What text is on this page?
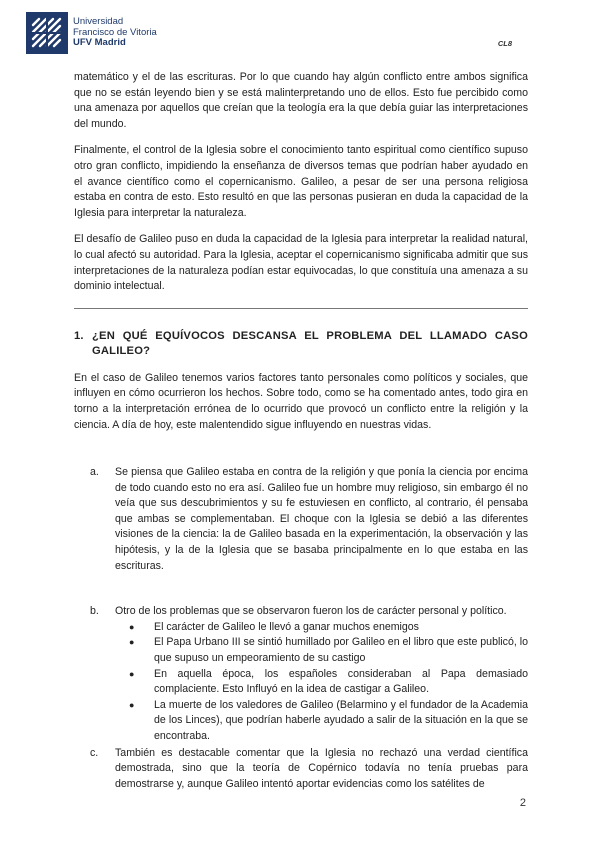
Universidad
Francisco de Vitoria
UFV Madrid	CL8

matemático y el de las escrituras. Por lo que cuando hay algún conflicto entre ambos significa que no se están leyendo bien y se está malinterpretando uno de ellos. Esto fue percibido como una amenaza por aquellos que creían que la teología era la que debía guiar las interpretaciones del mundo.

Finalmente, el control de la Iglesia sobre el conocimiento tanto espiritual como científico supuso otro gran conflicto, impidiendo la enseñanza de diversos temas que podrían haber ayudado en el avance científico como el copernicanismo. Galileo, a pesar de ser una persona religiosa estaba en contra de esto. Esto resultó en que las personas pusieran en duda la capacidad de la Iglesia para interpretar la naturaleza.

El desafío de Galileo puso en duda la capacidad de la Iglesia para interpretar la realidad natural, lo cual afectó su autoridad. Para la Iglesia, aceptar el copernicanismo significaba admitir que sus interpretaciones de la naturaleza podían estar equivocadas, lo que constituía una amenaza a su dominio intelectual.

1. ¿EN QUÉ EQUÍVOCOS DESCANSA EL PROBLEMA DEL LLAMADO CASO GALILEO?

En el caso de Galileo tenemos varios factores tanto personales como políticos y sociales, que influyen en cómo ocurrieron los hechos. Sobre todo, como se ha comentado antes, todo gira en torno a la interpretación errónea de lo ocurrido que provocó un conflicto entre la religión y la ciencia. A día de hoy, este malentendido sigue influyendo en nuestras vidas.

a.	Se piensa que Galileo estaba en contra de la religión y que ponía la ciencia por encima de todo cuando esto no era así. Galileo fue un hombre muy religioso, sin embargo él no veía que sus descubrimientos y su fe estuviesen en conflicto, al contrario, él pensaba que ambas se complementaban. El choque con la Iglesia se debió a las diferentes visiones de la ciencia: la de Galileo basada en la experimentación, la observación y las hipótesis, y la de la Iglesia que se basaba principalmente en lo que estaba en las escrituras.
b.	Otro de los problemas que se observaron fueron los de carácter personal y político.
●	El carácter de Galileo le llevó a ganar muchos enemigos
●	El Papa Urbano III se sintió humillado por Galileo en el libro que este publicó, lo que supuso un empeoramiento de su castigo
●	En aquella época, los españoles consideraban al Papa demasiado complaciente. Esto Influyó en la idea de castigar a Galileo.
●	La muerte de los valedores de Galileo (Belarmino y el fundador de la Academia de los Linces), que podrían haberle ayudado a salir de la situación en la que se encontraba.
c.	También es destacable comentar que la Iglesia no rechazó una verdad científica demostrada, sino que la teoría de Copérnico todavía no tenía pruebas para demostrarse y, aunque Galileo intentó aportar evidencias como los satélites de
2
